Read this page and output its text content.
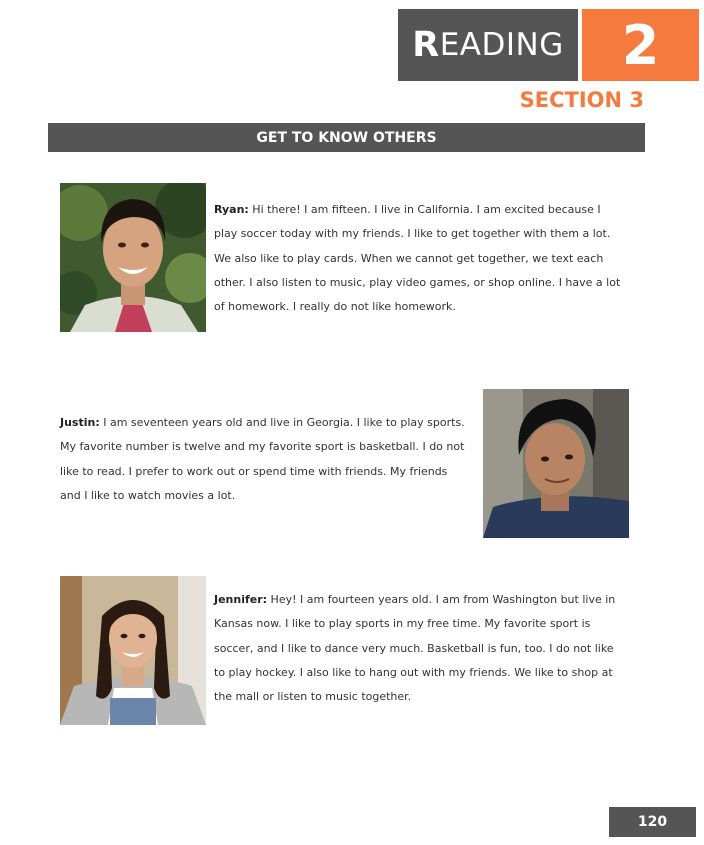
R EADING	2
SECTION 3
GET TO KNOW OTHERS

Ryan: Hi there! I am fifteen. I live in California. I am excited because I play soccer today with my friends. I like to get together with them a lot. We also like to play cards. When we cannot get together, we text each other. I also listen to music, play video games, or shop online. I have a lot of homework. I really do not like homework.

Justin: I am seventeen years old and live in Georgia. I like to play sports. My favorite number is twelve and my favorite sport is basketball. I do not like to read. I prefer to work out or spend time with friends. My friends and I like to watch movies a lot.

Jennifer: Hey! I am fourteen years old. I am from Washington but live in Kansas now. I like to play sports in my free time. My favorite sport is soccer, and I like to dance very much. Basketball is fun, too. I do not like to play hockey. I also like to hang out with my friends. We like to shop at the mall or listen to music together.

120
